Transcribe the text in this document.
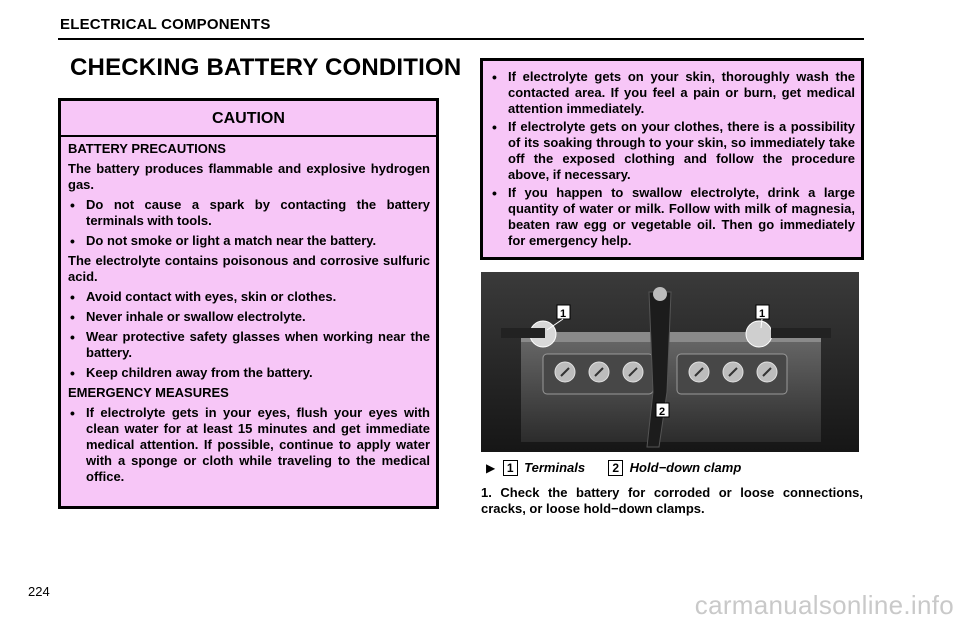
ELECTRICAL COMPONENTS
CHECKING BATTERY CONDITION
CAUTION
BATTERY PRECAUTIONS
The battery produces flammable and explosive hydrogen gas.
• Do not cause a spark by contacting the battery terminals with tools.
• Do not smoke or light a match near the battery.
The electrolyte contains poisonous and corrosive sulfuric acid.
• Avoid contact with eyes, skin or clothes.
• Never inhale or swallow electrolyte.
• Wear protective safety glasses when working near the battery.
• Keep children away from the battery.
EMERGENCY MEASURES
• If electrolyte gets in your eyes, flush your eyes with clean water for at least 15 minutes and get immediate medical attention. If possible, continue to apply water with a sponge or cloth while traveling to the medical office.
• If electrolyte gets on your skin, thoroughly wash the contacted area. If you feel a pain or burn, get medical attention immediately.
• If electrolyte gets on your clothes, there is a possibility of its soaking through to your skin, so immediately take off the exposed clothing and follow the procedure above, if necessary.
• If you happen to swallow electrolyte, drink a large quantity of water or milk. Follow with milk of magnesia, beaten raw egg or vegetable oil. Then go immediately for emergency help.
1	1
2
▶ 1 Terminals 2 Hold−down clamp
1. Check the battery for corroded or loose connections, cracks, or loose hold−down clamps.
224	carmanualsonline.info
